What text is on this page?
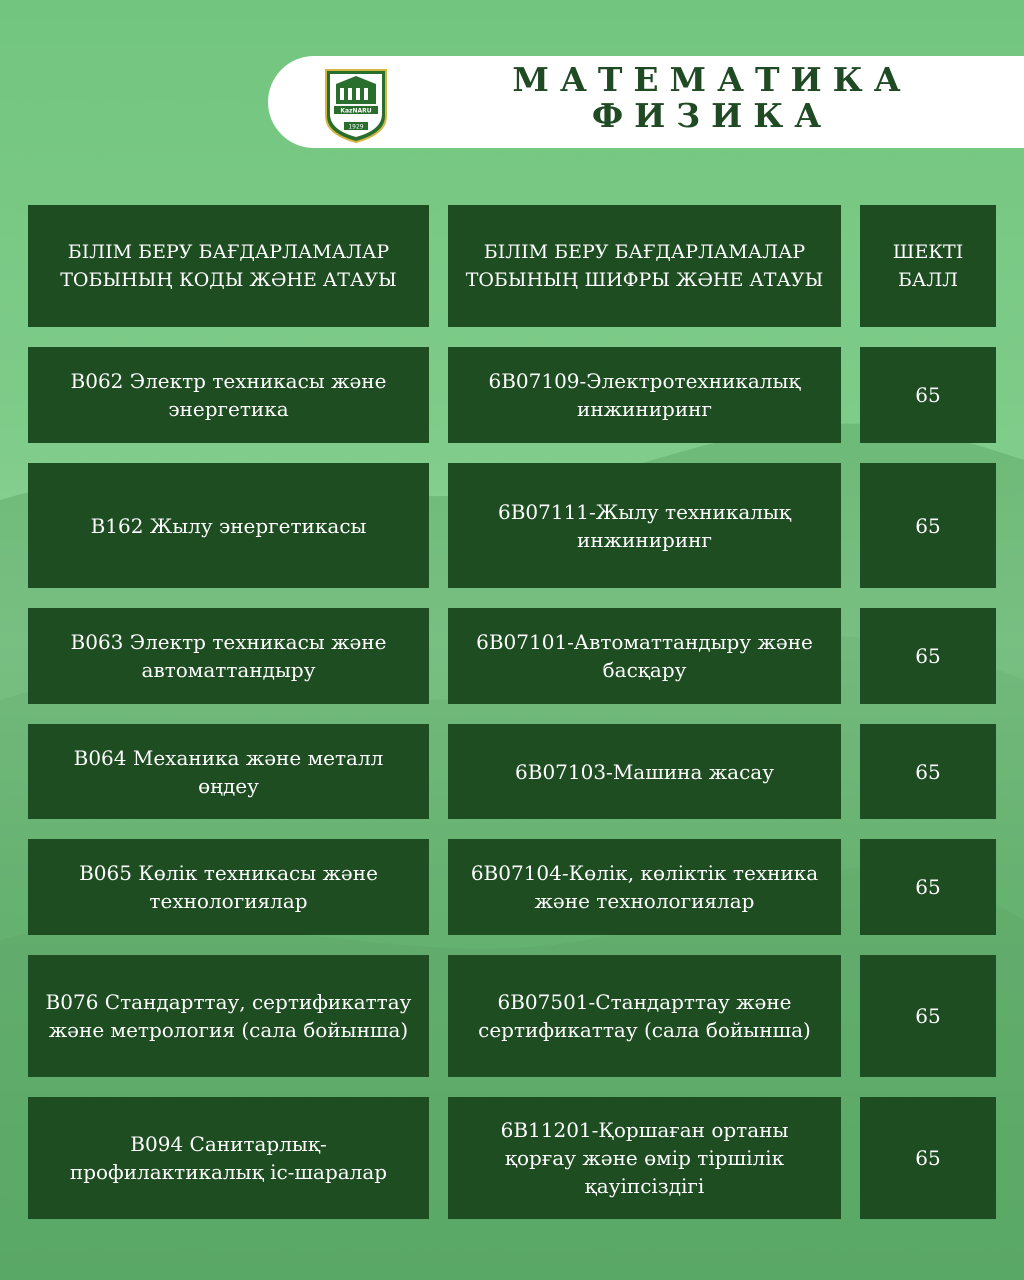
KazNARU
1929
МАТЕМАТИКА
ФИЗИКА
БІЛІМ БЕРУ БАҒДАРЛАМАЛАР ТОБЫНЫҢ КОДЫ ЖӘНЕ АТАУЫ
БІЛІМ БЕРУ БАҒДАРЛАМАЛАР ТОБЫНЫҢ ШИФРЫ ЖӘНЕ АТАУЫ
ШЕКТІ БАЛЛ
B062 Электр техникасы және энергетика
6B07109-Электротехникалық инжиниринг
65
B162 Жылу энергетикасы
6B07111-Жылу техникалық инжиниринг
65
B063 Электр техникасы және автоматтандыру
6B07101-Автоматтандыру және басқару
65
B064 Механика және металл өңдеу
6B07103-Машина жасау	65
B065 Көлік техникасы және технологиялар
6B07104-Көлік, көліктік техника және технологиялар
65
B076 Стандарттау, сертификаттау және метрология (сала бойынша)
6B07501-Стандарттау және сертификаттау (сала бойынша)
65
B094 Санитарлық-профилактикалық іс-шаралар
6B11201-Қоршаған ортаны қорғау және өмір тіршілік қауіпсіздігі
65
